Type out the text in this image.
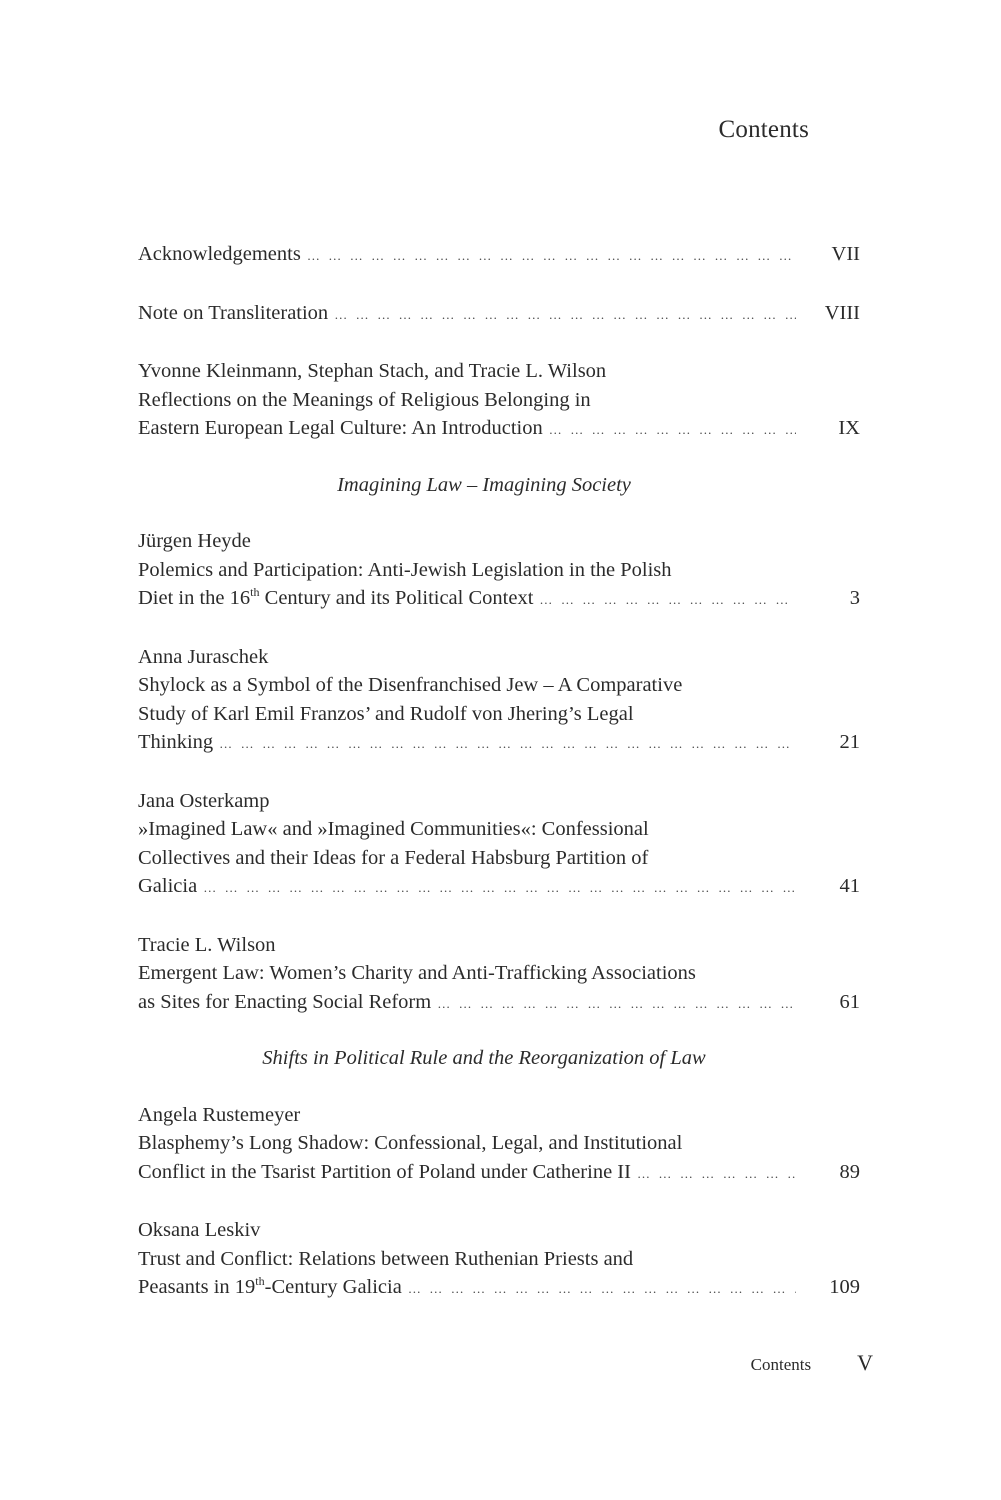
Contents
Acknowledgements … … … … … … … … … … … … … … … … … … … … … … … … … … … … … … … … … … … … … … … … … … … … … … … … … …	VII
Note on Transliteration … … … … … … … … … … … … … … … … … … … … … … … … … … … … … … … … … … … … … … … … … … … … … … … … … …	VIII
Yvonne Kleinmann, Stephan Stach, and Tracie L. Wilson
Reflections on the Meanings of Religious Belonging in
Eastern European Legal Culture: An Introduction … … … … … … … … … … … … … … … … … … … … … … … … … … … … … … … … … … … … … … … … … … … … … … … … … …	IX
Imagining Law – Imagining Society
Jürgen Heyde
Polemics and Participation: Anti-Jewish Legislation in the Polish
Diet in the 16th Century and its Political Context … … … … … … … … … … … … … … … … … … … … … … … … … … … … … … … … … … … … … … … … … … … … … … … … … …	3
Anna Juraschek
Shylock as a Symbol of the Disenfranchised Jew – A Comparative
Study of Karl Emil Franzos’ and Rudolf von Jhering’s Legal
Thinking … … … … … … … … … … … … … … … … … … … … … … … … … … … … … … … … … … … … … … … … … … … … … … … … … …	21
Jana Osterkamp
»Imagined Law« and »Imagined Communities«: Confessional
Collectives and their Ideas for a Federal Habsburg Partition of
Galicia … … … … … … … … … … … … … … … … … … … … … … … … … … … … … … … … … … … … … … … … … … … … … … … … … …	41
Tracie L. Wilson
Emergent Law: Women’s Charity and Anti-Trafficking Associations
as Sites for Enacting Social Reform … … … … … … … … … … … … … … … … … … … … … … … … … … … … … … … … … … … … … … … … … … … … … … … … … …	61
Shifts in Political Rule and the Reorganization of Law
Angela Rustemeyer
Blasphemy’s Long Shadow: Confessional, Legal, and Institutional
Conflict in the Tsarist Partition of Poland under Catherine II … … … … … … … … … … … … … … … … … … … … … … … … … … … … … … … … … … … … … … … … … … … … … … … … … …	89
Oksana Leskiv
Trust and Conflict: Relations between Ruthenian Priests and
Peasants in 19th-Century Galicia … … … … … … … … … … … … … … … … … … … … … … … … … … … … … … … … … … … … … … … … … … … … … … … … … …	109
Contents V
